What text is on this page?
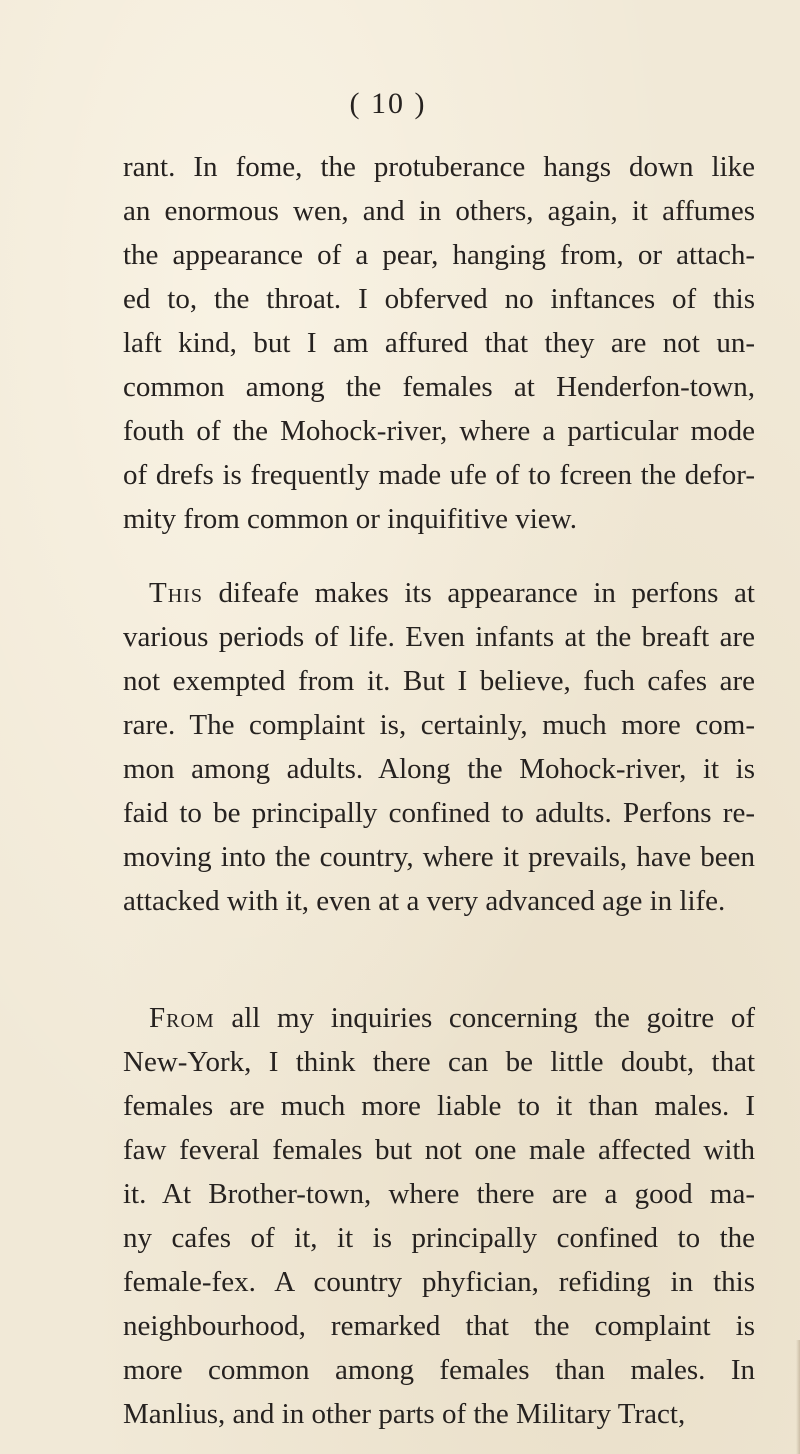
( 10 )
rant. In fome, the protuberance hangs down like
an enormous wen, and in others, again, it affumes
the appearance of a pear, hanging from, or attach-
ed to, the throat. I obferved no inftances of this
laft kind, but I am affured that they are not un-
common among the females at Henderfon-town,
fouth of the Mohock-river, where a particular mode
of drefs is frequently made ufe of to fcreen the defor-
mity from common or inquifitive view.
This difeafe makes its appearance in perfons at
various periods of life. Even infants at the breaft are
not exempted from it. But I believe, fuch cafes are
rare. The complaint is, certainly, much more com-
mon among adults. Along the Mohock-river, it is
faid to be principally confined to adults. Perfons re-
moving into the country, where it prevails, have been
attacked with it, even at a very advanced age in life.
From all my inquiries concerning the goitre of
New-York, I think there can be little doubt, that
females are much more liable to it than males. I
faw feveral females but not one male affected with
it. At Brother-town, where there are a good ma-
ny cafes of it, it is principally confined to the
female-fex. A country phyfician, refiding in this
neighbourhood, remarked that the complaint is
more common among females than males. In
Manlius, and in other parts of the Military Tract,
